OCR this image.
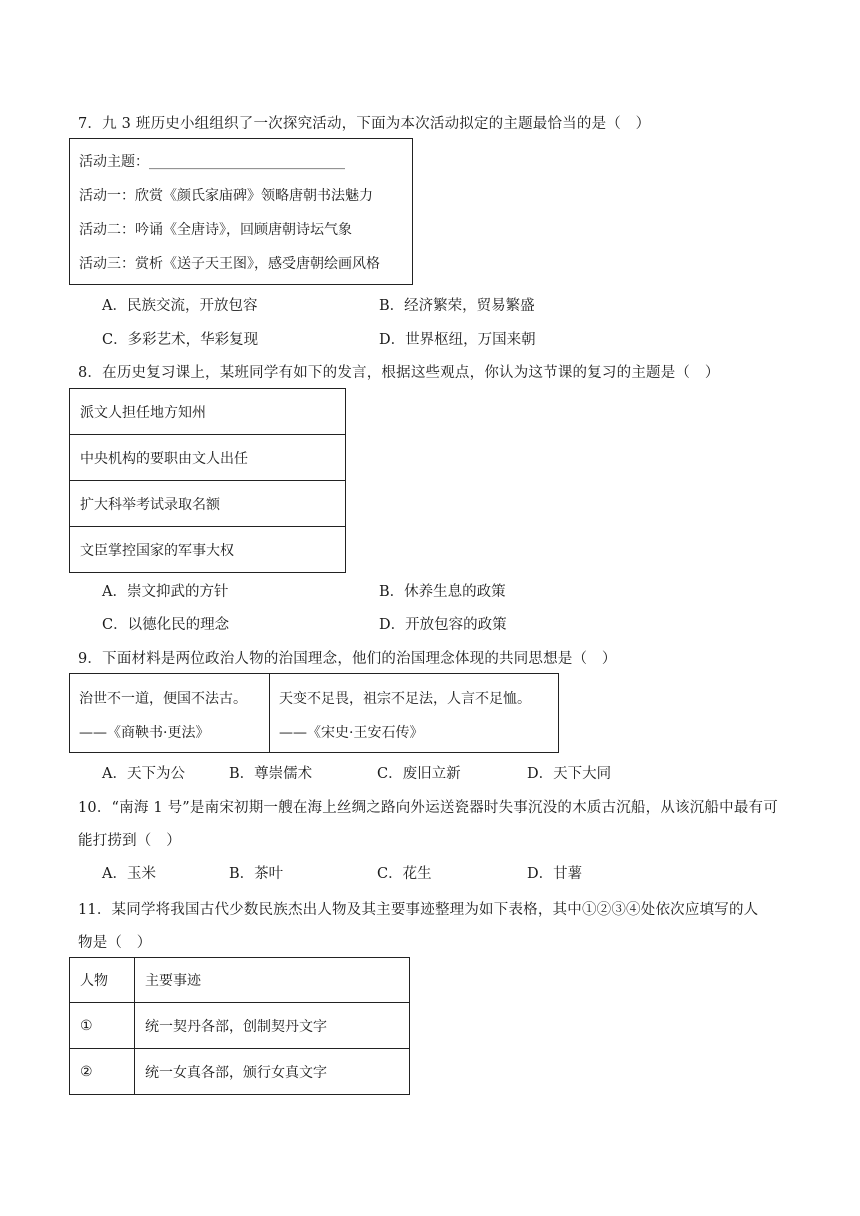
7．九 3 班历史小组组织了一次探究活动，下面为本次活动拟定的主题最恰当的是（　）
活动主题：____________________________
活动一：欣赏《颜氏家庙碑》领略唐朝书法魅力
活动二：吟诵《全唐诗》，回顾唐朝诗坛气象
活动三：赏析《送子天王图》，感受唐朝绘画风格
A．民族交流，开放包容	B．经济繁荣，贸易繁盛
C．多彩艺术，华彩复现	D．世界枢纽，万国来朝
8．在历史复习课上，某班同学有如下的发言，根据这些观点，你认为这节课的复习的主题是（　）
派文人担任地方知州
中央机构的要职由文人出任
扩大科举考试录取名额
文臣掌控国家的军事大权
A．崇文抑武的方针	B．休养生息的政策
C．以德化民的理念	D．开放包容的政策
9．下面材料是两位政治人物的治国理念，他们的治国理念体现的共同思想是（　）
治世不一道，便国不法古。
——《商鞅书·更法》
天变不足畏，祖宗不足法，人言不足恤。
——《宋史·王安石传》
A．天下为公	B．尊崇儒术	C．废旧立新	D．天下大同
10．“南海 1 号”是南宋初期一艘在海上丝绸之路向外运送瓷器时失事沉没的木质古沉船，从该沉船中最有可
能打捞到（　）
A．玉米	B．茶叶	C．花生	D．甘薯
11．某同学将我国古代少数民族杰出人物及其主要事迹整理为如下表格，其中①②③④处依次应填写的人
物是（　）
人物	主要事迹
①	统一契丹各部，创制契丹文字
②	统一女真各部，颁行女真文字
